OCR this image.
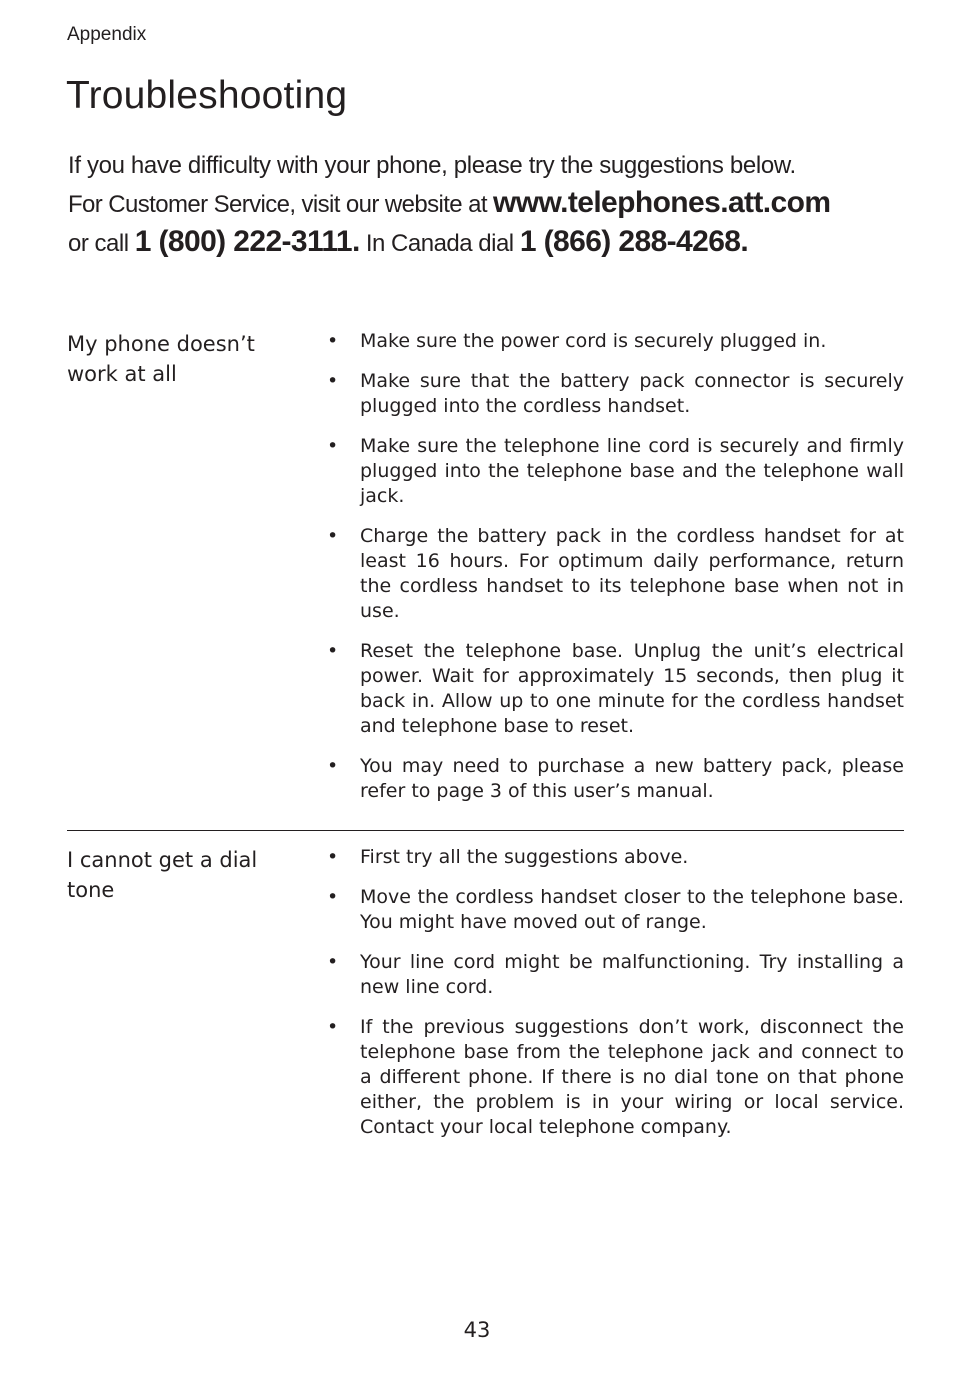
Appendix
Troubleshooting
If you have difficulty with your phone, please try the suggestions below.
For Customer Service, visit our website at www.telephones.att.com
or call 1 (800) 222-3111. In Canada dial 1 (866) 288-4268.
My phone doesn’t work at all
• Make sure the power cord is securely plugged in.
• Make sure that the battery pack connector is securely plugged into the cordless handset.
• Make sure the telephone line cord is securely and firmly plugged into the telephone base and the telephone wall jack.
• Charge the battery pack in the cordless handset for at least 16 hours. For optimum daily performance, return the cordless handset to its telephone base when not in use.
• Reset the telephone base. Unplug the unit’s electrical power. Wait for approximately 15 seconds, then plug it back in. Allow up to one minute for the cordless handset and telephone base to reset.
• You may need to purchase a new battery pack, please refer to page 3 of this user’s manual.
I cannot get a dial tone
• First try all the suggestions above.
• Move the cordless handset closer to the telephone base. You might have moved out of range.
• Your line cord might be malfunctioning. Try installing a new line cord.
• If the previous suggestions don’t work, disconnect the telephone base from the telephone jack and connect to a different phone. If there is no dial tone on that phone either, the problem is in your wiring or local service. Contact your local telephone company.
43
